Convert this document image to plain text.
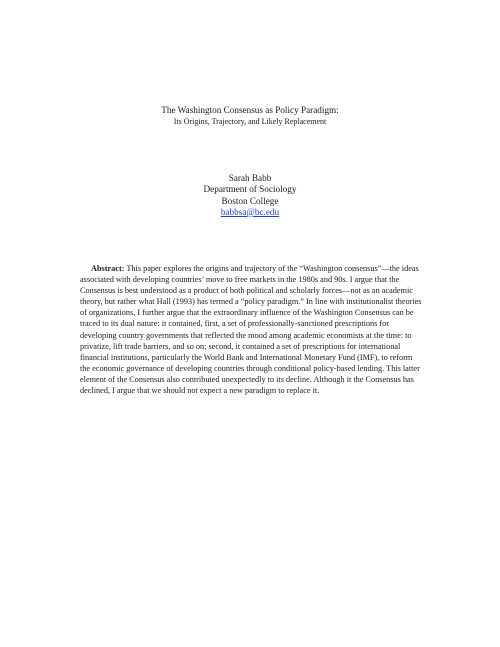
The Washington Consensus as Policy Paradigm:
Its Origins, Trajectory, and Likely Replacement
Sarah Babb
Department of Sociology
Boston College
babbsa@bc.edu

Abstract: This paper explores the origins and trajectory of the “Washington consensus”—the ideas associated with developing countries’ move to free markets in the 1980s and 90s. I argue that the Consensus is best understood as a product of both political and scholarly forces—not as an academic theory, but rather what Hall (1993) has termed a “policy paradigm.” In line with institutionalist theories of organizations, I further argue that the extraordinary influence of the Washington Consensus can be traced to its dual nature: it contained, first, a set of professionally-sanctioned prescriptions for developing country governments that reflected the mood among academic economists at the time: to privatize, lift trade barriers, and so on; second, it contained a set of prescriptions for international financial institutions, particularly the World Bank and International Monetary Fund (IMF), to reform the economic governance of developing countries through conditional policy-based lending. This latter element of the Consensus also contributed unexpectedly to its decline. Although it the Consensus has declined, I argue that we should not expect a new paradigm to replace it.
